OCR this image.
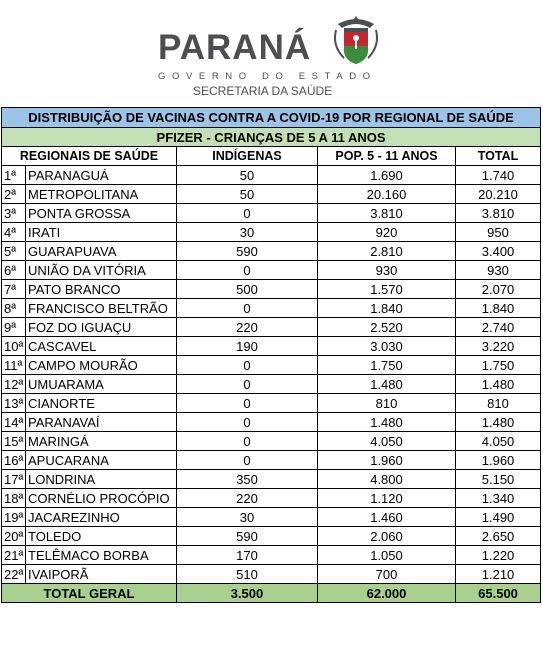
PARANÁ
GOVERNO DO ESTADO
SECRETARIA DA SAÚDE
DISTRIBUIÇÃO DE VACINAS CONTRA A COVID-19 POR REGIONAL DE SAÚDE				
PFIZER - CRIANÇAS DE 5 A 11 ANOS				
REGIONAIS DE SAÚDE		INDÍGENAS	POP. 5 - 11 ANOS	TOTAL
1ª	PARANAGUÁ	50	1.690	1.740
2ª	METROPOLITANA	50	20.160	20.210
3ª	PONTA GROSSA	0	3.810	3.810
4ª	IRATI	30	920	950
5ª	GUARAPUAVA	590	2.810	3.400
6ª	UNIÃO DA VITÓRIA	0	930	930
7ª	PATO BRANCO	500	1.570	2.070
8ª	FRANCISCO BELTRÃO	0	1.840	1.840
9ª	FOZ DO IGUAÇU	220	2.520	2.740
10ª	CASCAVEL	190	3.030	3.220
11ª	CAMPO MOURÃO	0	1.750	1.750
12ª	UMUARAMA	0	1.480	1.480
13ª	CIANORTE	0	810	810
14ª	PARANAVAÍ	0	1.480	1.480
15ª	MARINGÁ	0	4.050	4.050
16ª	APUCARANA	0	1.960	1.960
17ª	LONDRINA	350	4.800	5.150
18ª	CORNÉLIO PROCÓPIO	220	1.120	1.340
19ª	JACAREZINHO	30	1.460	1.490
20ª	TOLEDO	590	2.060	2.650
21ª	TELÊMACO BORBA	170	1.050	1.220
22ª	IVAIPORÃ	510	700	1.210
TOTAL GERAL		3.500	62.000	65.500
